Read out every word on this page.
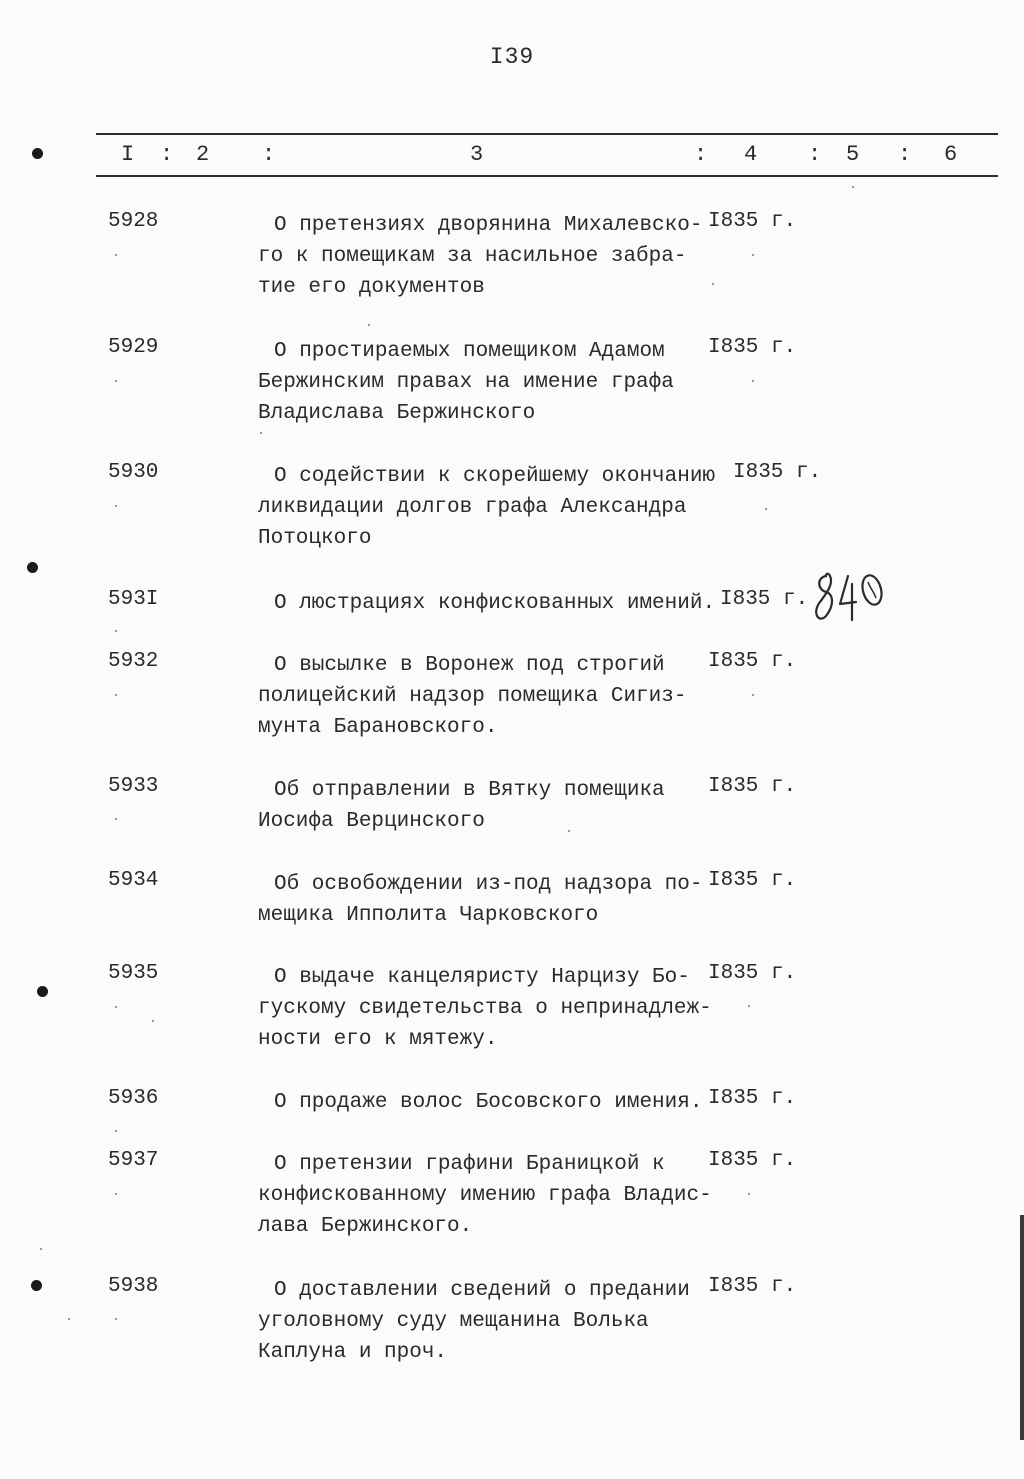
I39
I : 2 :	3	: 4 : 5 : 6
5928	О претензиях дворянина Михалевско-
го к помещикам за насильное забра-
тие его документов
I835 г.
5929	О простираемых помещиком Адамом
Бержинским правах на имение графа
Владислава Бержинского
I835 г.
5930	О содействии к скорейшему окончанию
ликвидации долгов графа Александра
Потоцкого
I835 г.
593I	О люстрациях конфискованных имений. I835 г.
5932	О высылке в Воронеж под строгий
полицейский надзор помещика Сигиз-
мунта Барановского.
I835 г.
5933	Об отправлении в Вятку помещика
Иосифа Верцинского
I835 г.
5934	Об освобождении из-под надзора по-
мещика Ипполита Чарковского
I835 г.
5935	О выдаче канцеляристу Нарцизу Бо-
гускому свидетельства о непринадлеж-
ности его к мятежу.
I835 г.
5936	О продаже волос Босовского имения. I835 г.
5937	О претензии графини Браницкой к
конфискованному имению графа Владис-
лава Бержинского.
I835 г.
5938	О доставлении сведений о предании
уголовному суду мещанина Волька
Каплуна и проч.
I835 г.
